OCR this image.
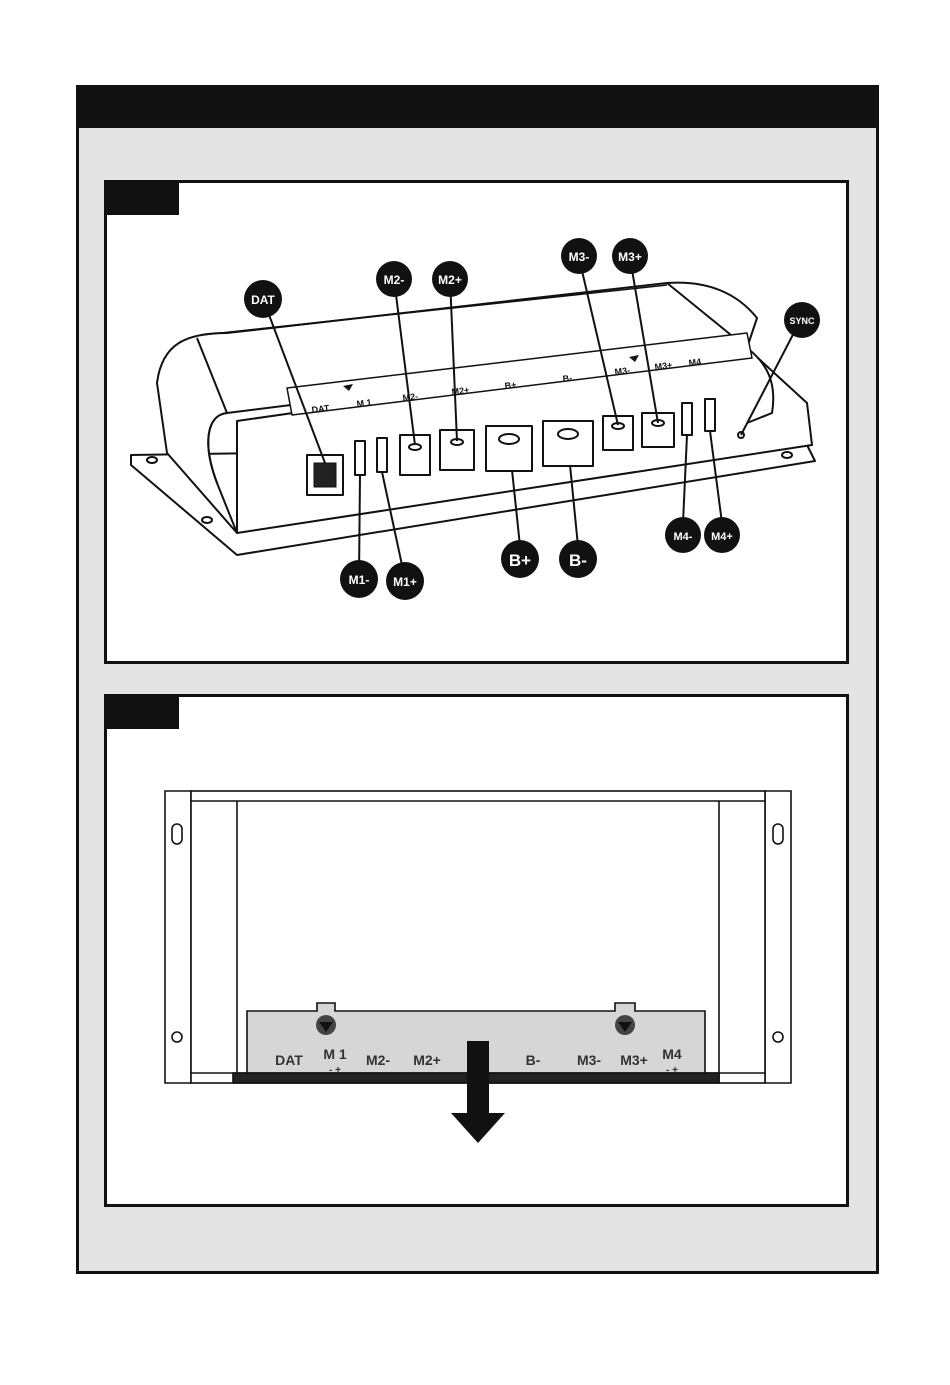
DAT	M 1
M2-
M2+	B+
B-
M3-	M3+ M4
DAT
M2-	M2+
M3- M3+
SYNC
M1- M1+
B+ B-
M4- M4+
DAT M 1
- +
M2- M2+	B-	M3- M3+ M4
- +
